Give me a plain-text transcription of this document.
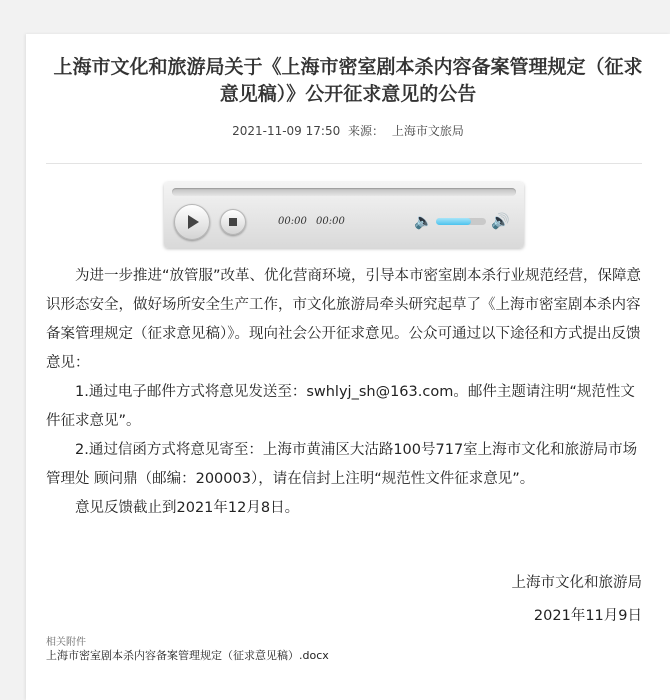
上海市文化和旅游局关于《上海市密室剧本杀内容备案管理规定（征求意见稿）》公开征求意见的公告
2021-11-09 17:50 来源： 上海市文旅局
00:00 00:00	🔈	🔊

为进一步推进“放管服”改革、优化营商环境，引导本市密室剧本杀行业规范经营，保障意识形态安全，做好场所安全生产工作，市文化旅游局牵头研究起草了《上海市密室剧本杀内容备案管理规定（征求意见稿）》。现向社会公开征求意见。公众可通过以下途径和方式提出反馈意见：

1.通过电子邮件方式将意见发送至：swhlyj_sh@163.com。邮件主题请注明“规范性文件征求意见”。

2.通过信函方式将意见寄至：上海市黄浦区大沽路100号717室上海市文化和旅游局市场管理处 顾问鼎（邮编：200003），请在信封上注明“规范性文件征求意见”。

意见反馈截止到2021年12月8日。

上海市文化和旅游局
2021年11月9日
相关附件
上海市密室剧本杀内容备案管理规定（征求意见稿）.docx
